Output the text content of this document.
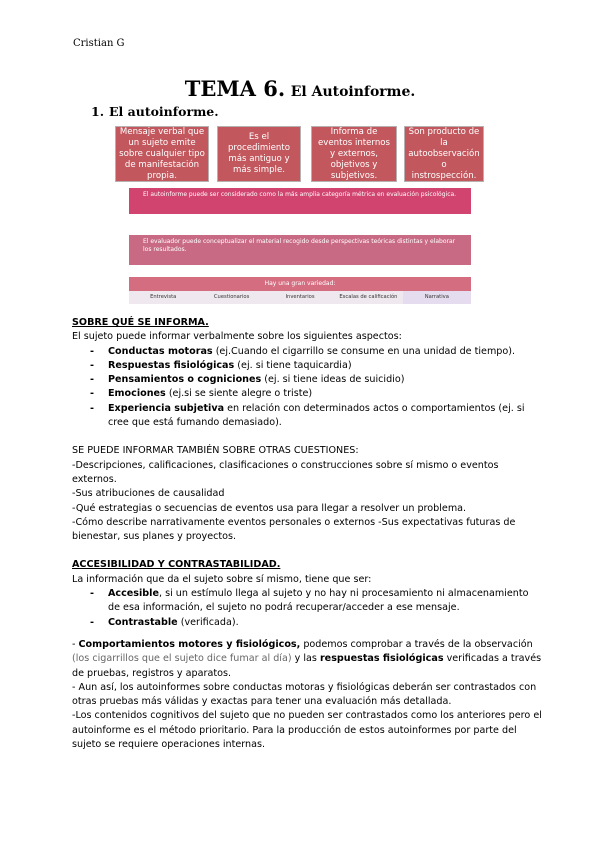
Cristian G
TEMA 6. El Autoinforme.
1. El autoinforme.
Mensaje verbal que un sujeto emite sobre cualquier tipo de manifestación propia.
Es el procedimiento más antiguo y más simple.
Informa de eventos internos y externos, objetivos y subjetivos.
Son producto de la autoobservación o instrospección.
El autoinforme puede ser considerado como la más amplia categoría métrica en evaluación psicológica.
El evaluador puede conceptualizar el material recogido desde perspectivas teóricas distintas y elaborar los resultados.
Hay una gran variedad:
Entrevista	Cuestionarios	Inventarios	Escalas de calificación	Narrativa

SOBRE QUÉ SE INFORMA.

El sujeto puede informar verbalmente sobre los siguientes aspectos:

- Conductas motoras (ej.Cuando el cigarrillo se consume en una unidad de tiempo).
- Respuestas fisiológicas (ej. si tiene taquicardia)
- Pensamientos o cogniciones (ej. si tiene ideas de suicidio)
- Emociones (ej.si se siente alegre o triste)
- Experiencia subjetiva en relación con determinados actos o comportamientos (ej. si cree que está fumando demasiado).

SE PUEDE INFORMAR TAMBIÉN SOBRE OTRAS CUESTIONES:

-Descripciones, calificaciones, clasificaciones o construcciones sobre sí mismo o eventos externos.

-Sus atribuciones de causalidad

-Qué estrategias o secuencias de eventos usa para llegar a resolver un problema.

-Cómo describe narrativamente eventos personales o externos -Sus expectativas futuras de bienestar, sus planes y proyectos.

ACCESIBILIDAD Y CONTRASTABILIDAD.

La información que da el sujeto sobre sí mismo, tiene que ser:

- Accesible, si un estímulo llega al sujeto y no hay ni procesamiento ni almacenamiento de esa información, el sujeto no podrá recuperar/acceder a ese mensaje.
- Contrastable (verificada).

- Comportamientos motores y fisiológicos, podemos comprobar a través de la observación (los cigarrillos que el sujeto dice fumar al día) y las respuestas fisiológicas verificadas a través de pruebas, registros y aparatos.

- Aun así, los autoinformes sobre conductas motoras y fisiológicas deberán ser contrastados con otras pruebas más válidas y exactas para tener una evaluación más detallada.

-Los contenidos cognitivos del sujeto que no pueden ser contrastados como los anteriores pero el autoinforme es el método prioritario. Para la producción de estos autoinformes por parte del sujeto se requiere operaciones internas.
